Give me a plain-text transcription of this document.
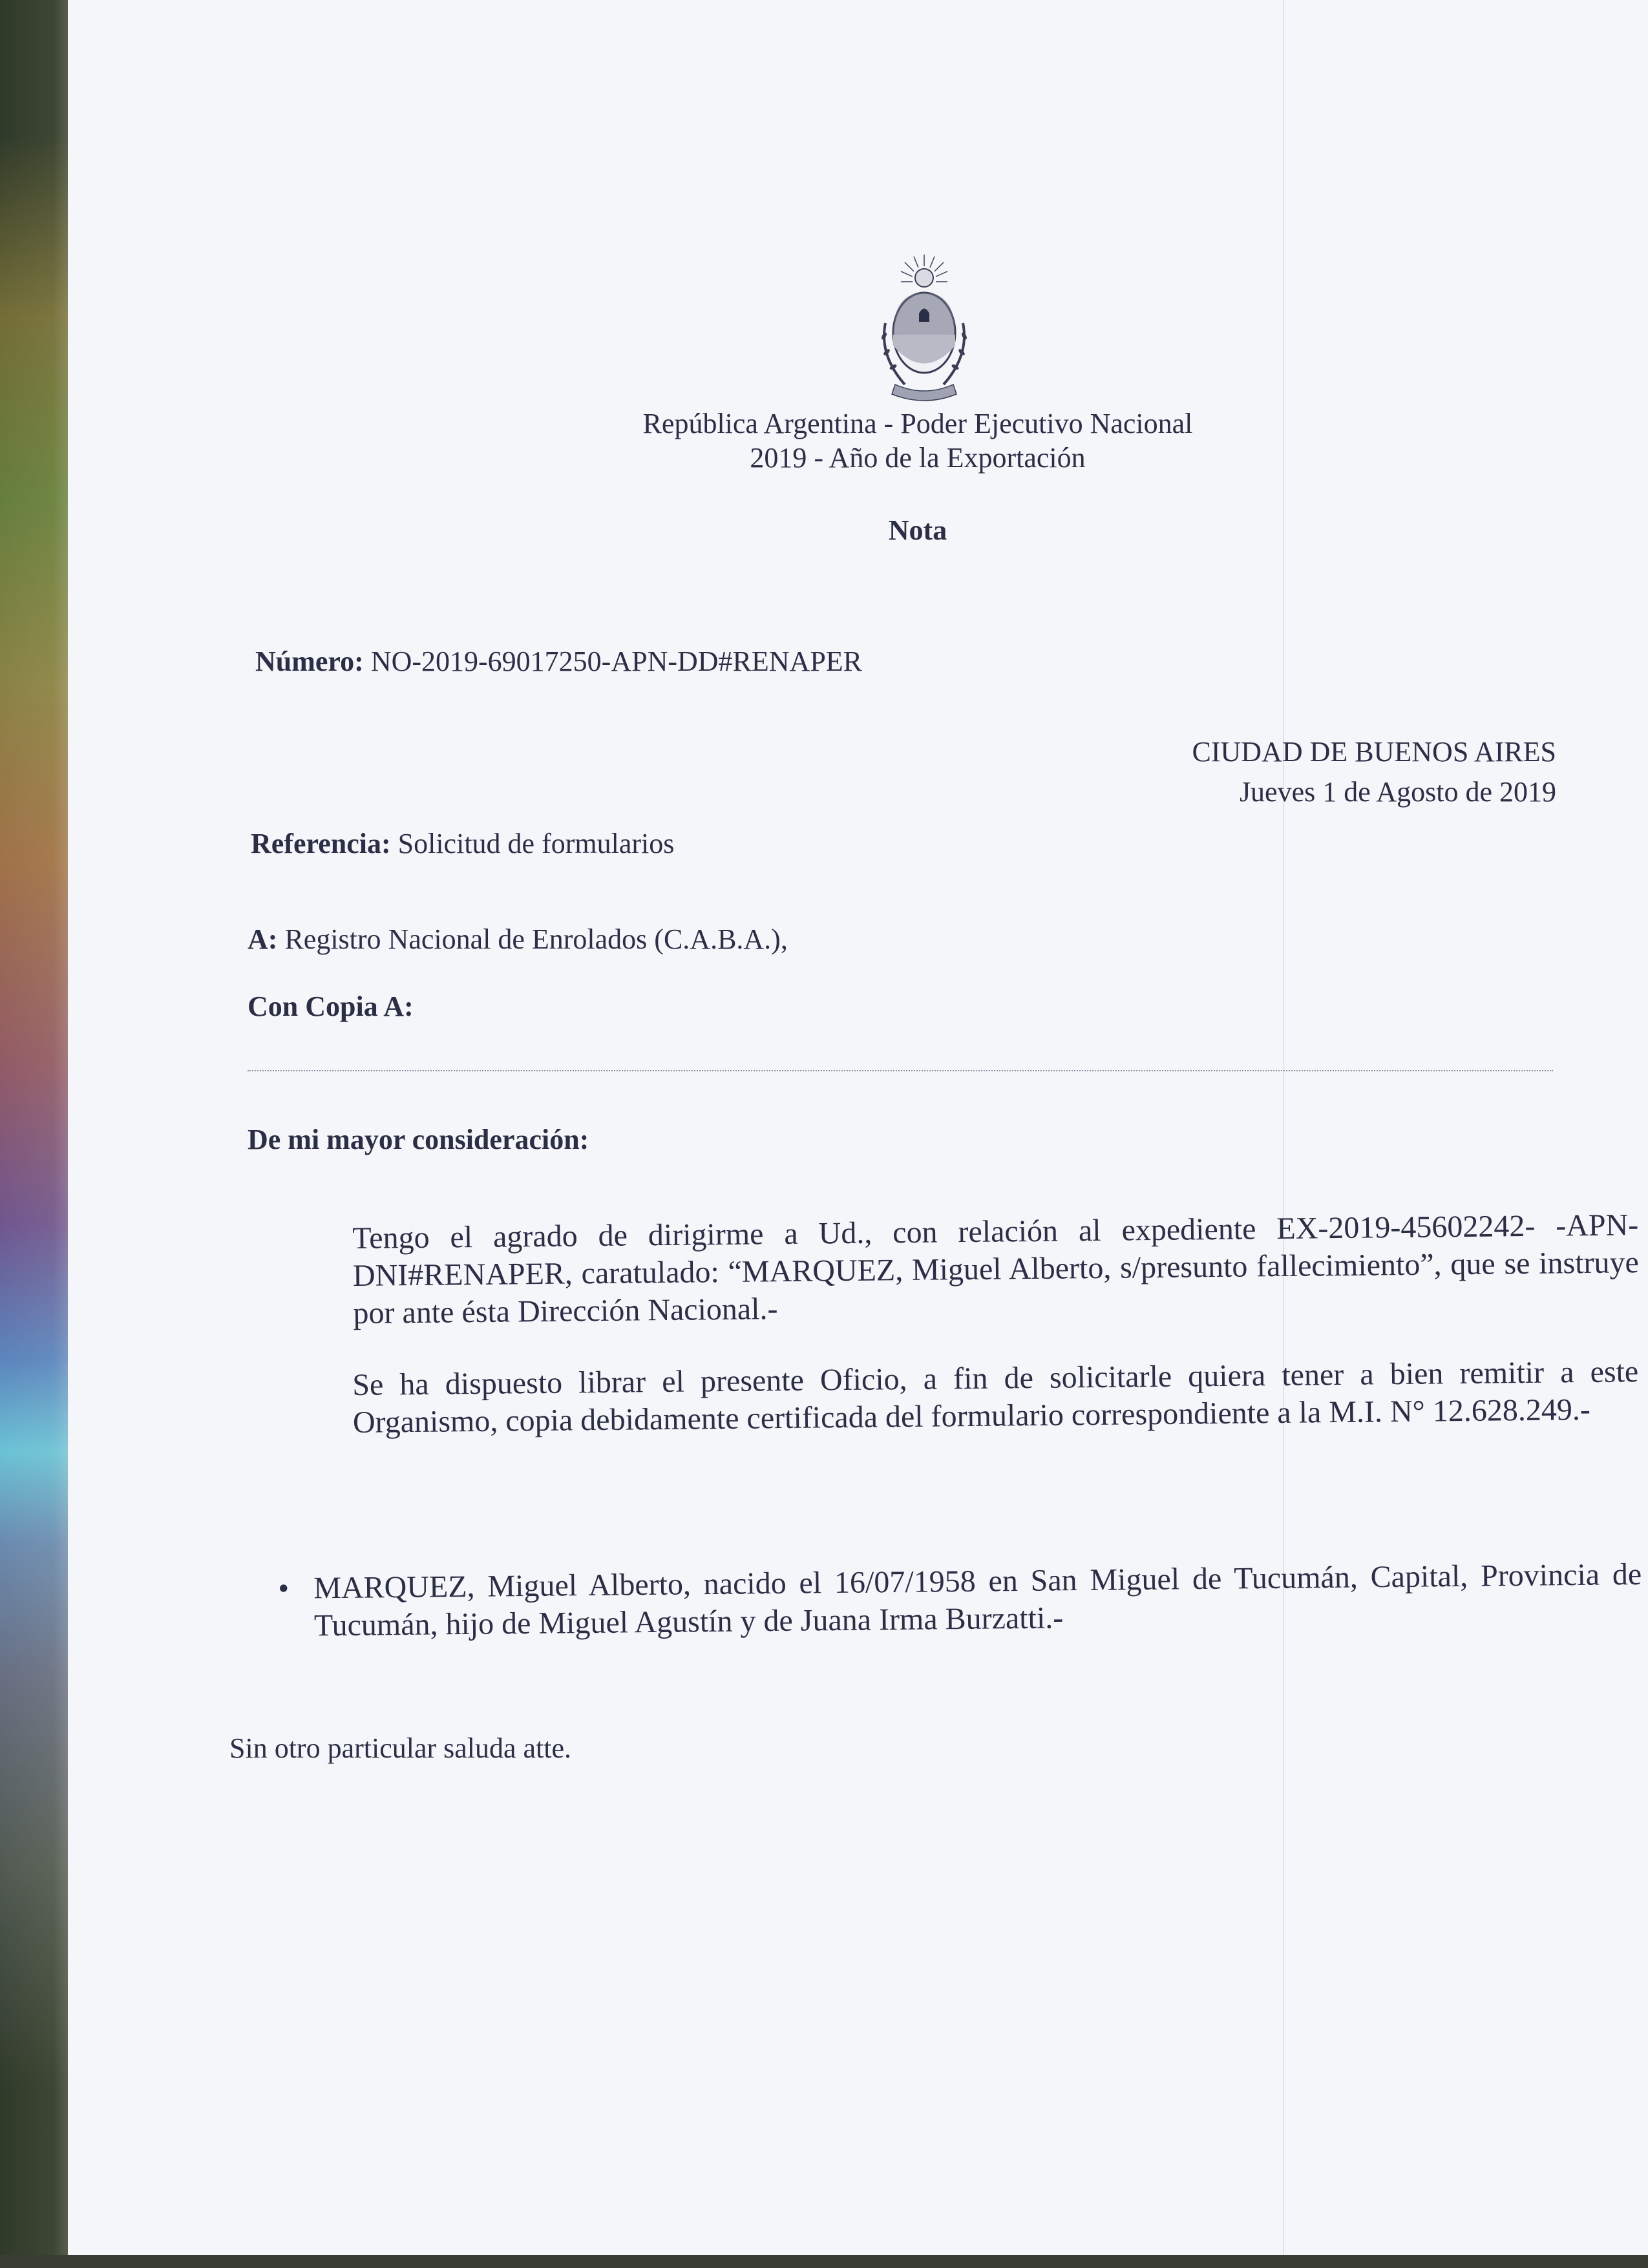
República Argentina - Poder Ejecutivo Nacional
2019 - Año de la Exportación
Nota
Número: NO-2019-69017250-APN-DD#RENAPER
CIUDAD DE BUENOS AIRES
Jueves 1 de Agosto de 2019
Referencia: Solicitud de formularios
A: Registro Nacional de Enrolados (C.A.B.A.),
Con Copia A:
De mi mayor consideración:
Tengo el agrado de dirigirme a Ud., con relación al expediente EX-2019-45602242- -APN-DNI#RENAPER, caratulado: “MARQUEZ, Miguel Alberto, s/presunto fallecimiento”, que se instruye por ante ésta Dirección Nacional.-
Se ha dispuesto librar el presente Oficio, a fin de solicitarle quiera tener a bien remitir a este Organismo, copia debidamente certificada del formulario correspondiente a la M.I. N° 12.628.249.-
• MARQUEZ, Miguel Alberto, nacido el 16/07/1958 en San Miguel de Tucumán, Capital, Provincia de Tucumán, hijo de Miguel Agustín y de Juana Irma Burzatti.-
Sin otro particular saluda atte.
